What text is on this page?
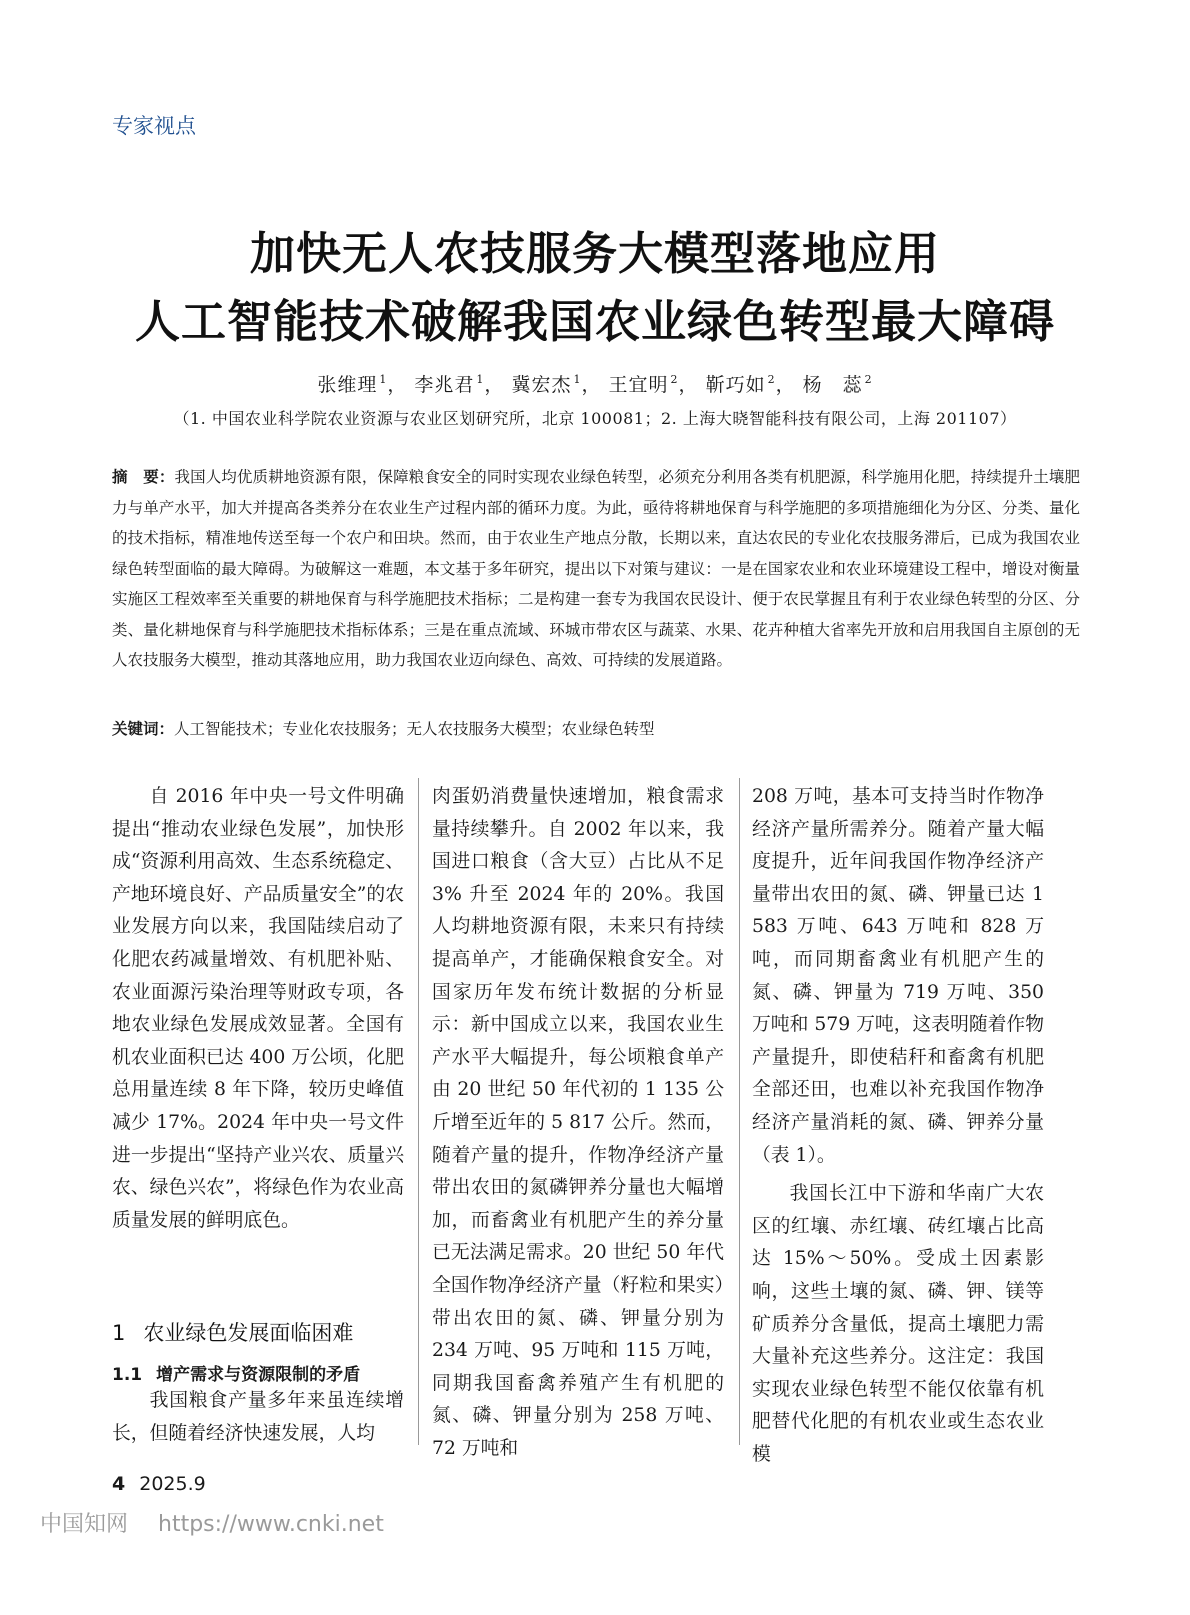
专家视点
加快无人农技服务大模型落地应用
人工智能技术破解我国农业绿色转型最大障碍
张维理 $^1$， 李兆君 $^1$， 冀宏杰 $^1$， 王宜明 $^2$， 靳巧如 $^2$， 杨　蕊 $^2$
（1. 中国农业科学院农业资源与农业区划研究所，北京 100081；2. 上海大晓智能科技有限公司，上海 201107）
摘　要：我国人均优质耕地资源有限，保障粮食安全的同时实现农业绿色转型，必须充分利用各类有机肥源，科学施用化肥，持续提升土壤肥力与单产水平，加大并提高各类养分在农业生产过程内部的循环力度。为此，亟待将耕地保育与科学施肥的多项措施细化为分区、分类、量化的技术指标，精准地传送至每一个农户和田块。然而，由于农业生产地点分散，长期以来，直达农民的专业化农技服务滞后，已成为我国农业绿色转型面临的最大障碍。为破解这一难题，本文基于多年研究，提出以下对策与建议：一是在国家农业和农业环境建设工程中，增设对衡量实施区工程效率至关重要的耕地保育与科学施肥技术指标；二是构建一套专为我国农民设计、便于农民掌握且有利于农业绿色转型的分区、分类、量化耕地保育与科学施肥技术指标体系；三是在重点流域、环城市带农区与蔬菜、水果、花卉种植大省率先开放和启用我国自主原创的无人农技服务大模型，推动其落地应用，助力我国农业迈向绿色、高效、可持续的发展道路。
关键词：人工智能技术；专业化农技服务；无人农技服务大模型；农业绿色转型

自 2016 年中央一号文件明确提出“推动农业绿色发展”，加快形成“资源利用高效、生态系统稳定、产地环境良好、产品质量安全”的农业发展方向以来，我国陆续启动了化肥农药减量增效、有机肥补贴、农业面源污染治理等财政专项，各地农业绿色发展成效显著。全国有机农业面积已达 400 万公顷，化肥总用量连续 8 年下降，较历史峰值减少 17%。2024 年中央一号文件进一步提出“坚持产业兴农、质量兴农、绿色兴农”，将绿色作为农业高质量发展的鲜明底色。

1 农业绿色发展面临困难
1.1 增产需求与资源限制的矛盾

我国粮食产量多年来虽连续增长，但随着经济快速发展，人均

肉蛋奶消费量快速增加，粮食需求量持续攀升。自 2002 年以来，我国进口粮食（含大豆）占比从不足 3% 升至 2024 年的 20%。我国人均耕地资源有限，未来只有持续提高单产，才能确保粮食安全。对国家历年发布统计数据的分析显示：新中国成立以来，我国农业生产水平大幅提升，每公顷粮食单产由 20 世纪 50 年代初的 1 135 公斤增至近年的 5 817 公斤。然而，随着产量的提升，作物净经济产量带出农田的氮磷钾养分量也大幅增加，而畜禽业有机肥产生的养分量已无法满足需求。20 世纪 50 年代全国作物净经济产量（籽粒和果实）带出农田的氮、磷、钾量分别为 234 万吨、95 万吨和 115 万吨，同期我国畜禽养殖产生有机肥的氮、磷、钾量分别为 258 万吨、72 万吨和

208 万吨，基本可支持当时作物净经济产量所需养分。随着产量大幅度提升，近年间我国作物净经济产量带出农田的氮、磷、钾量已达 1 583 万吨、643 万吨和 828 万吨，而同期畜禽业有机肥产生的氮、磷、钾量为 719 万吨、350 万吨和 579 万吨，这表明随着作物产量提升，即使秸秆和畜禽有机肥全部还田，也难以补充我国作物净经济产量消耗的氮、磷、钾养分量（表 1）。

我国长江中下游和华南广大农区的红壤、赤红壤、砖红壤占比高达 15%～50%。受成土因素影响，这些土壤的氮、磷、钾、镁等矿质养分含量低，提高土壤肥力需大量补充这些养分。这注定：我国实现农业绿色转型不能仅依靠有机肥替代化肥的有机农业或生态农业模

4 2025.9
中国知网 https://www.cnki.net
